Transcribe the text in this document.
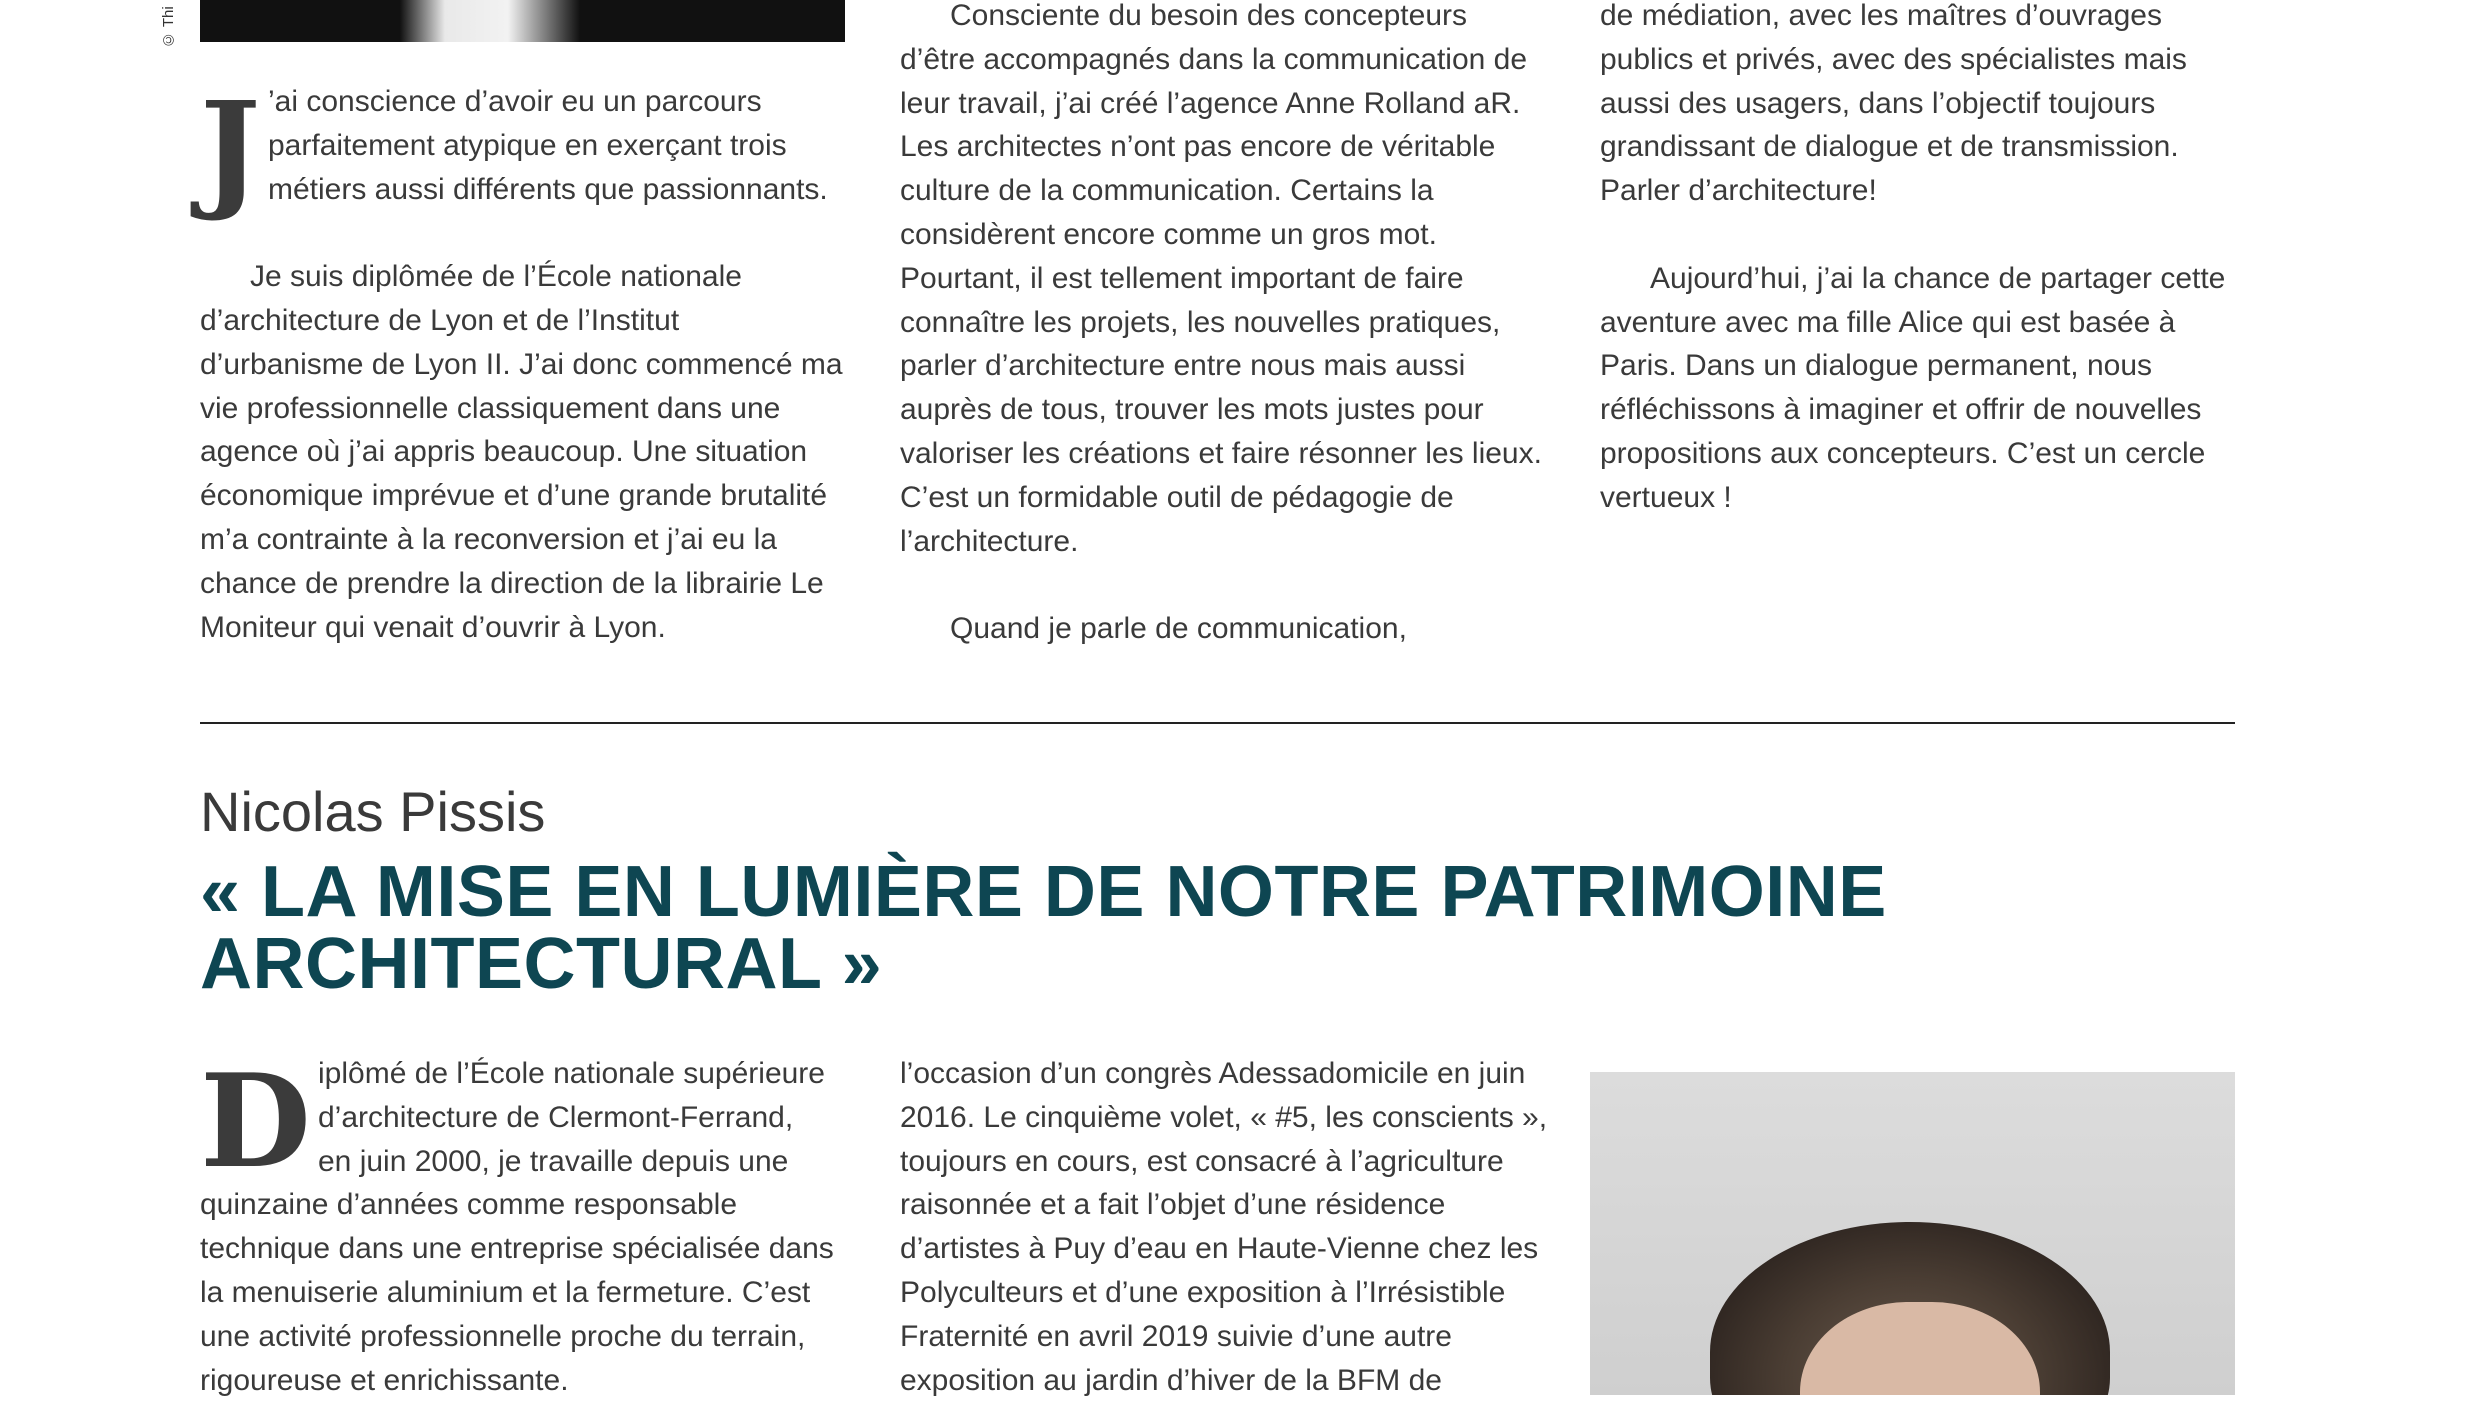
© Thi
J ’ai conscience d’avoir eu un parcours

parfaitement atypique en exerçant trois

métiers aussi différents que passionnants.

Je suis diplômée de l’École nationale d’architecture de Lyon et de l’Institut d’urbanisme de Lyon II. J’ai donc commencé ma vie professionnelle classiquement dans une agence où j’ai appris beaucoup. Une situation économique imprévue et d’une grande brutalité m’a contrainte à la reconversion et j’ai eu la chance de prendre la direction de la librairie Le Moniteur qui venait d’ouvrir à Lyon.

Consciente du besoin des concepteurs d’être accompagnés dans la communication de leur travail, j’ai créé l’agence Anne Rolland aR. Les architectes n’ont pas encore de véritable culture de la communication. Certains la considèrent encore comme un gros mot. Pourtant, il est tellement important de faire connaître les projets, les nouvelles pratiques, parler d’architecture entre nous mais aussi auprès de tous, trouver les mots justes pour valoriser les créations et faire résonner les lieux. C’est un formidable outil de pédagogie de l’architecture.

Quand je parle de communication,

de médiation, avec les maîtres d’ouvrages publics et privés, avec des spécialistes mais aussi des usagers, dans l’objectif toujours grandissant de dialogue et de transmission. Parler d’architecture!

Aujourd’hui, j’ai la chance de partager cette aventure avec ma fille Alice qui est basée à Paris. Dans un dialogue permanent, nous réfléchissons à imaginer et offrir de nouvelles propositions aux concepteurs. C’est un cercle vertueux !

Nicolas Pissis
« LA MISE EN LUMIÈRE DE NOTRE PATRIMOINE
ARCHITECTURAL »
D iplômé de l’École nationale supérieure

d’architecture de Clermont-Ferrand,

en juin 2000, je travaille depuis une

quinzaine d’années comme responsable technique dans une entreprise spécialisée dans la menuiserie aluminium et la fermeture. C’est une activité professionnelle proche du terrain, rigoureuse et enrichissante.

l’occasion d’un congrès Adessadomicile en juin 2016. Le cinquième volet, « #5, les conscients », toujours en cours, est consacré à l’agriculture raisonnée et a fait l’objet d’une résidence d’artistes à Puy d’eau en Haute-Vienne chez les Polyculteurs et d’une exposition à l’Irrésistible Fraternité en avril 2019 suivie d’une autre exposition au jardin d’hiver de la BFM de
